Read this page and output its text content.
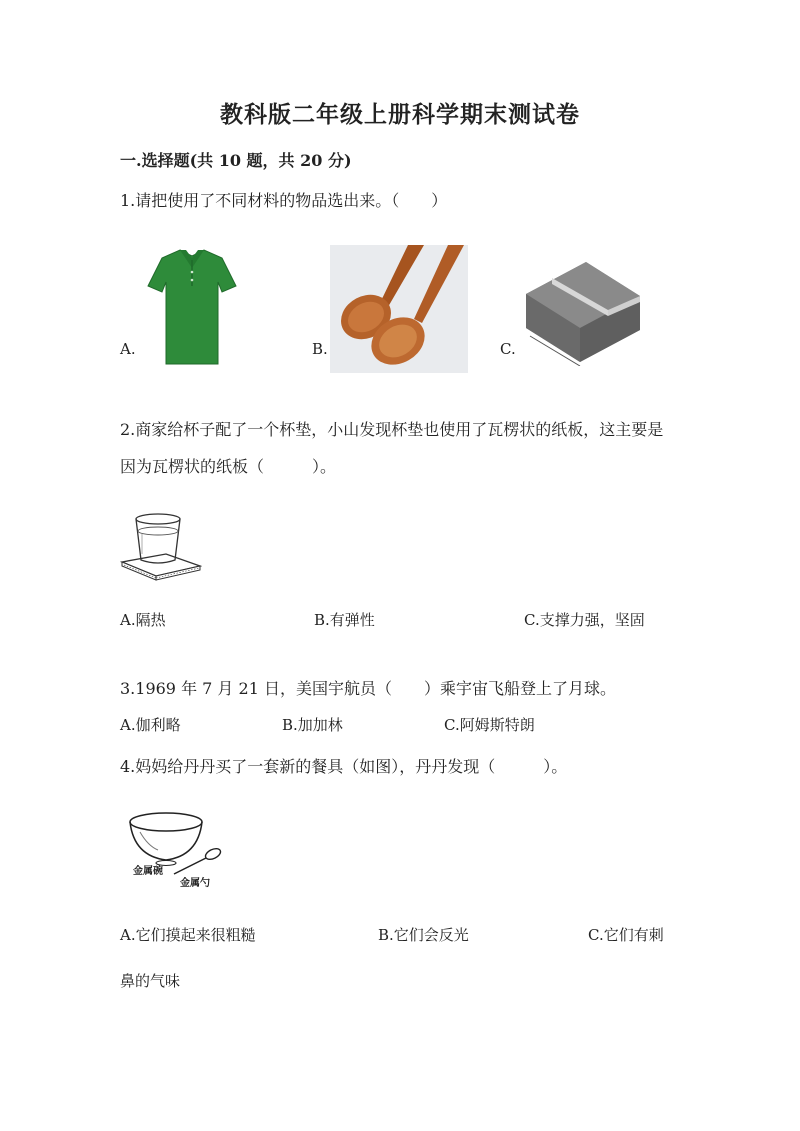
教科版二年级上册科学期末测试卷
一.选择题(共 10 题，共 20 分)
1.请把使用了不同材料的物品选出来。（　　）
A.	B.	C.
2.商家给杯子配了一个杯垫，小山发现杯垫也使用了瓦楞状的纸板，这主要是
因为瓦楞状的纸板（　　　）。
A.隔热	B.有弹性	C.支撑力强，坚固
3.1969 年 7 月 21 日，美国宇航员（　　）乘宇宙飞船登上了月球。
A.伽利略	B.加加林	C.阿姆斯特朗
4.妈妈给丹丹买了一套新的餐具（如图），丹丹发现（　　　）。
金属碗
金属勺
A.它们摸起来很粗糙	B.它们会反光	C.它们有刺
鼻的气味
